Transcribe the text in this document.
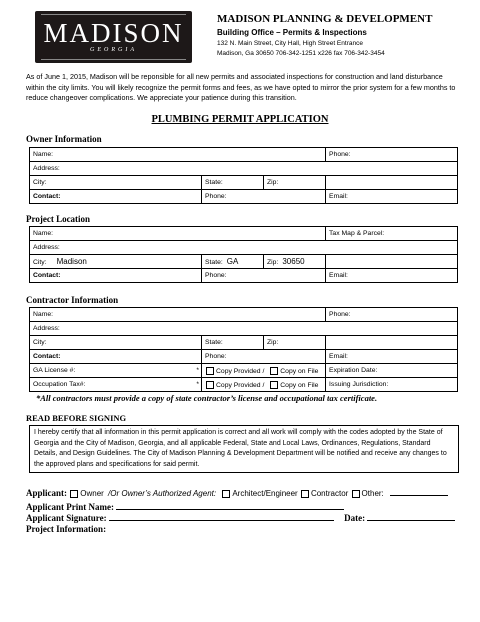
MADISON
GEORGIA
MADISON PLANNING & DEVELOPMENT
Building Office – Permits & Inspections
132 N. Main Street, City Hall, High Street Entrance
Madison, Ga 30650 706-342-1251 x226 fax 706-342-3454
As of June 1, 2015, Madison will be reponsible for all new permits and associated inspections for construction and land disturbance within the city limits. You will likely recognize the permit forms and fees, as we have opted to mirror the prior system for a few months to reduce changeover complications. We appreciate your patience during this transition.
PLUMBING PERMIT APPLICATION
Owner Information
Name:			Phone:
Address:			
City:	State:	Zip:	
Contact:	Phone:		Email:
Project Location
Name:			Tax Map & Parcel:
Address:			
City: Madison	State: GA	Zip: 30650	
Contact:	Phone:		Email:
Contractor Information
Name:			Phone:
Address:			
City:	State:	Zip:	
Contact:	Phone:		Email:
GA License #: *	Copy Provided / Copy on File		Expiration Date:
Occupation Tax#: *	Copy Provided / Copy on File		Issuing Jurisdiction:
*All contractors must provide a copy of state contractor’s license and occupational tax certificate.
READ BEFORE SIGNING
I hereby certify that all information in this permit application is correct and all work will comply with the codes adopted by the State of Georgia and the City of Madison, Georgia, and all applicable Federal, State and Local Laws, Ordinances, Regulations, Standard Details, and Design Guidelines. The City of Madison Planning & Development Department will be notified and receive any changes to the approved plans and specifications for said permit.
Applicant: Owner /Or Owner’s Authorized Agent: Architect/Engineer Contractor Other:
Applicant Print Name:
Applicant Signature:	Date:
Project Information:
